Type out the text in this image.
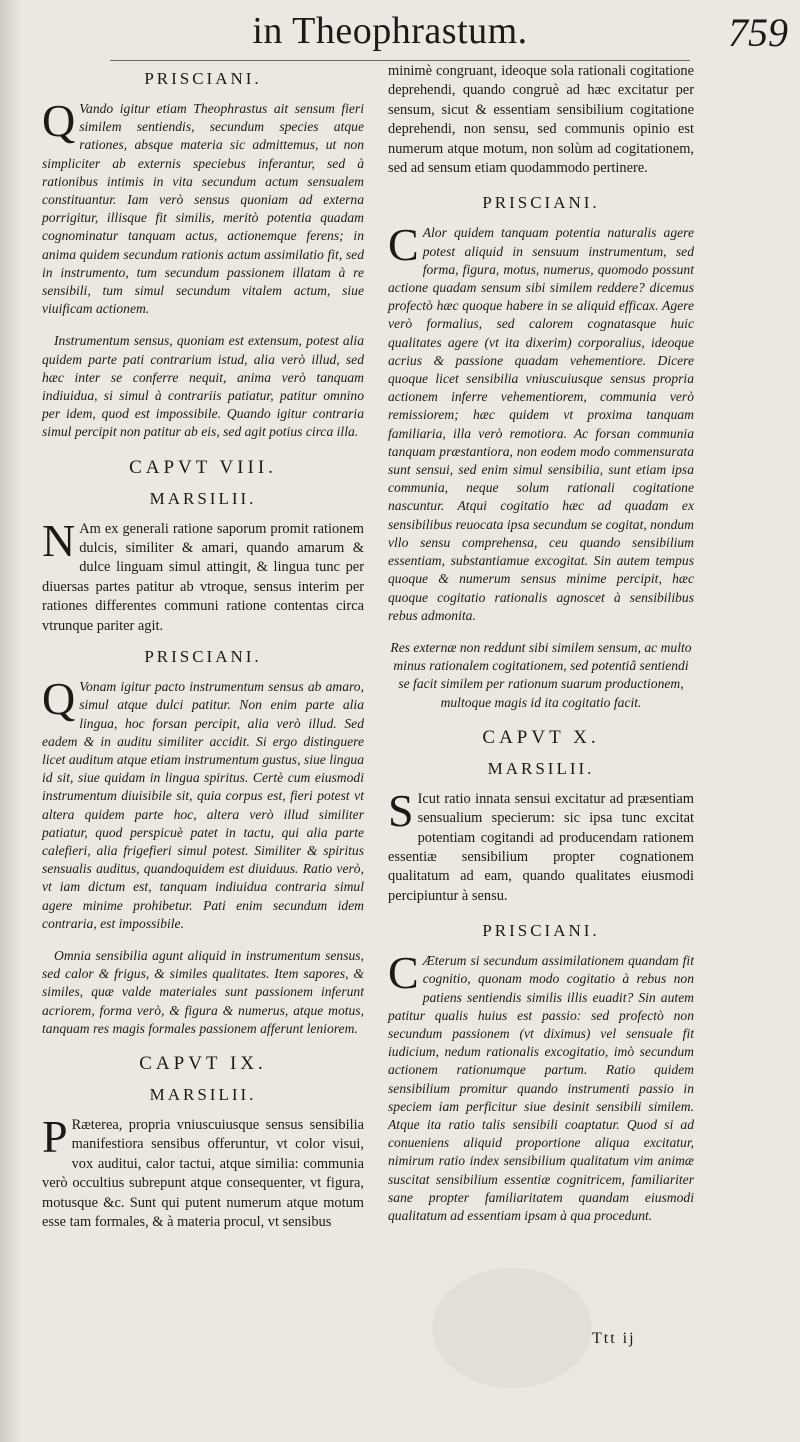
in Theophrastum.	759
PRISCIANI.

Q Vando igitur etiam Theophrastus ait sensum fieri similem sentiendis, secundum species atque rationes, absque materia sic admittemus, ut non simpliciter ab externis speciebus inferantur, sed à rationibus intimis in vita secundum actum sensualem constituantur. Iam verò sensus quoniam ad externa porrigitur, illisque fit similis, meritò potentia quadam cognominatur tanquam actus, actionemque ferens; in anima quidem secundum rationis actum assimilatio fit, sed in instrumento, tum secundum passionem illatam à re sensibili, tum simul secundum vitalem actum, siue viuificam actionem.

Instrumentum sensus, quoniam est extensum, potest alia quidem parte pati contrarium istud, alia verò illud, sed hæc inter se conferre nequit, anima verò tanquam indiuidua, si simul à contrariis patiatur, patitur omnino per idem, quod est impossibile. Quando igitur contraria simul percipit non patitur ab eis, sed agit potius circa illa.

CAPVT VIII.
MARSILII.

N Am ex generali ratione saporum promit rationem dulcis, similiter & amari, quando amarum & dulce linguam simul attingit, & lingua tunc per diuersas partes patitur ab vtroque, sensus interim per rationes differentes communi ratione contentas circa vtrunque pariter agit.

PRISCIANI.

Q Vonam igitur pacto instrumentum sensus ab amaro, simul atque dulci patitur. Non enim parte alia lingua, hoc forsan percipit, alia verò illud. Sed eadem & in auditu similiter accidit. Si ergo distinguere licet auditum atque etiam instrumentum gustus, siue lingua id sit, siue quidam in lingua spiritus. Certè cum eiusmodi instrumentum diuisibile sit, quia corpus est, fieri potest vt altera quidem parte hoc, altera verò illud similiter patiatur, quod perspicuè patet in tactu, qui alia parte calefieri, alia frigefieri simul potest. Similiter & spiritus sensualis auditus, quandoquidem est diuiduus. Ratio verò, vt iam dictum est, tanquam indiuidua contraria simul agere minime prohibetur. Pati enim secundum idem contraria, est impossibile.

Omnia sensibilia agunt aliquid in instrumentum sensus, sed calor & frigus, & similes qualitates. Item sapores, & similes, quæ valde materiales sunt passionem inferunt acriorem, forma verò, & figura & numerus, atque motus, tanquam res magis formales passionem afferunt leniorem.

CAPVT IX.
MARSILII.

P Ræterea, propria vniuscuiusque sensus sensibilia manifestiora sensibus offeruntur, vt color visui, vox auditui, calor tactui, atque similia: communia verò occultius subrepunt atque consequenter, vt figura, motusque &c. Sunt qui putent numerum atque motum esse tam formales, & à materia procul, vt sensibus

minimè congruant, ideoque sola rationali cogitatione deprehendi, quando congruè ad hæc excitatur per sensum, sicut & essentiam sensibilium cogitatione deprehendi, non sensu, sed communis opinio est numerum atque motum, non solùm ad cogitationem, sed ad sensum etiam quodammodo pertinere.

PRISCIANI.

C Alor quidem tanquam potentia naturalis agere potest aliquid in sensuum instrumentum, sed forma, figura, motus, numerus, quomodo possunt actione quadam sensum sibi similem reddere? dicemus profectò hæc quoque habere in se aliquid efficax. Agere verò formalius, sed calorem cognatasque huic qualitates agere (vt ita dixerim) corporalius, ideoque acrius & passione quadam vehementiore. Dicere quoque licet sensibilia vniuscuiusque sensus propria actionem inferre vehementiorem, communia verò remissiorem; hæc quidem vt proxima tanquam familiaria, illa verò remotiora. Ac forsan communia tanquam præstantiora, non eodem modo commensurata sunt sensui, sed enim simul sensibilia, sunt etiam ipsa communia, neque solum rationali cogitatione nascuntur. Atqui cogitatio hæc ad quadam ex sensibilibus reuocata ipsa secundum se cogitat, nondum vllo sensu comprehensa, ceu quando sensibilium essentiam, substantiamue excogitat. Sin autem tempus quoque & numerum sensus minime percipit, hæc quoque cogitatio rationalis agnoscet à sensibilibus rebus admonita.

Res externæ non reddunt sibi similem sensum, ac multo minus rationalem cogitationem, sed potentiâ sentiendi se facit similem per rationum suarum productionem, multoque magis id ita cogitatio facit.

CAPVT X.
MARSILII.

S Icut ratio innata sensui excitatur ad præsentiam sensualium specierum: sic ipsa tunc excitat potentiam cogitandi ad producendam rationem essentiæ sensibilium propter cognationem qualitatum ad eam, quando qualitates eiusmodi percipiuntur à sensu.

PRISCIANI.

C Æterum si secundum assimilationem quandam fit cognitio, quonam modo cogitatio à rebus non patiens sentiendis similis illis euadit? Sin autem patitur qualis huius est passio: sed profectò non secundum passionem (vt diximus) vel sensuale fit iudicium, nedum rationalis excogitatio, imò secundum actionem rationumque partum. Ratio quidem sensibilium promitur quando instrumenti passio in speciem iam perficitur siue desinit sensibili similem. Atque ita ratio talis sensibili coaptatur. Quod si ad conueniens aliquid proportione aliqua excitatur, nimirum ratio index sensibilium qualitatum vim animæ suscitat sensibilium essentiæ cognitricem, familiariter sane propter familiaritatem quandam eiusmodi qualitatum ad essentiam ipsam à qua procedunt.

Ttt ij
